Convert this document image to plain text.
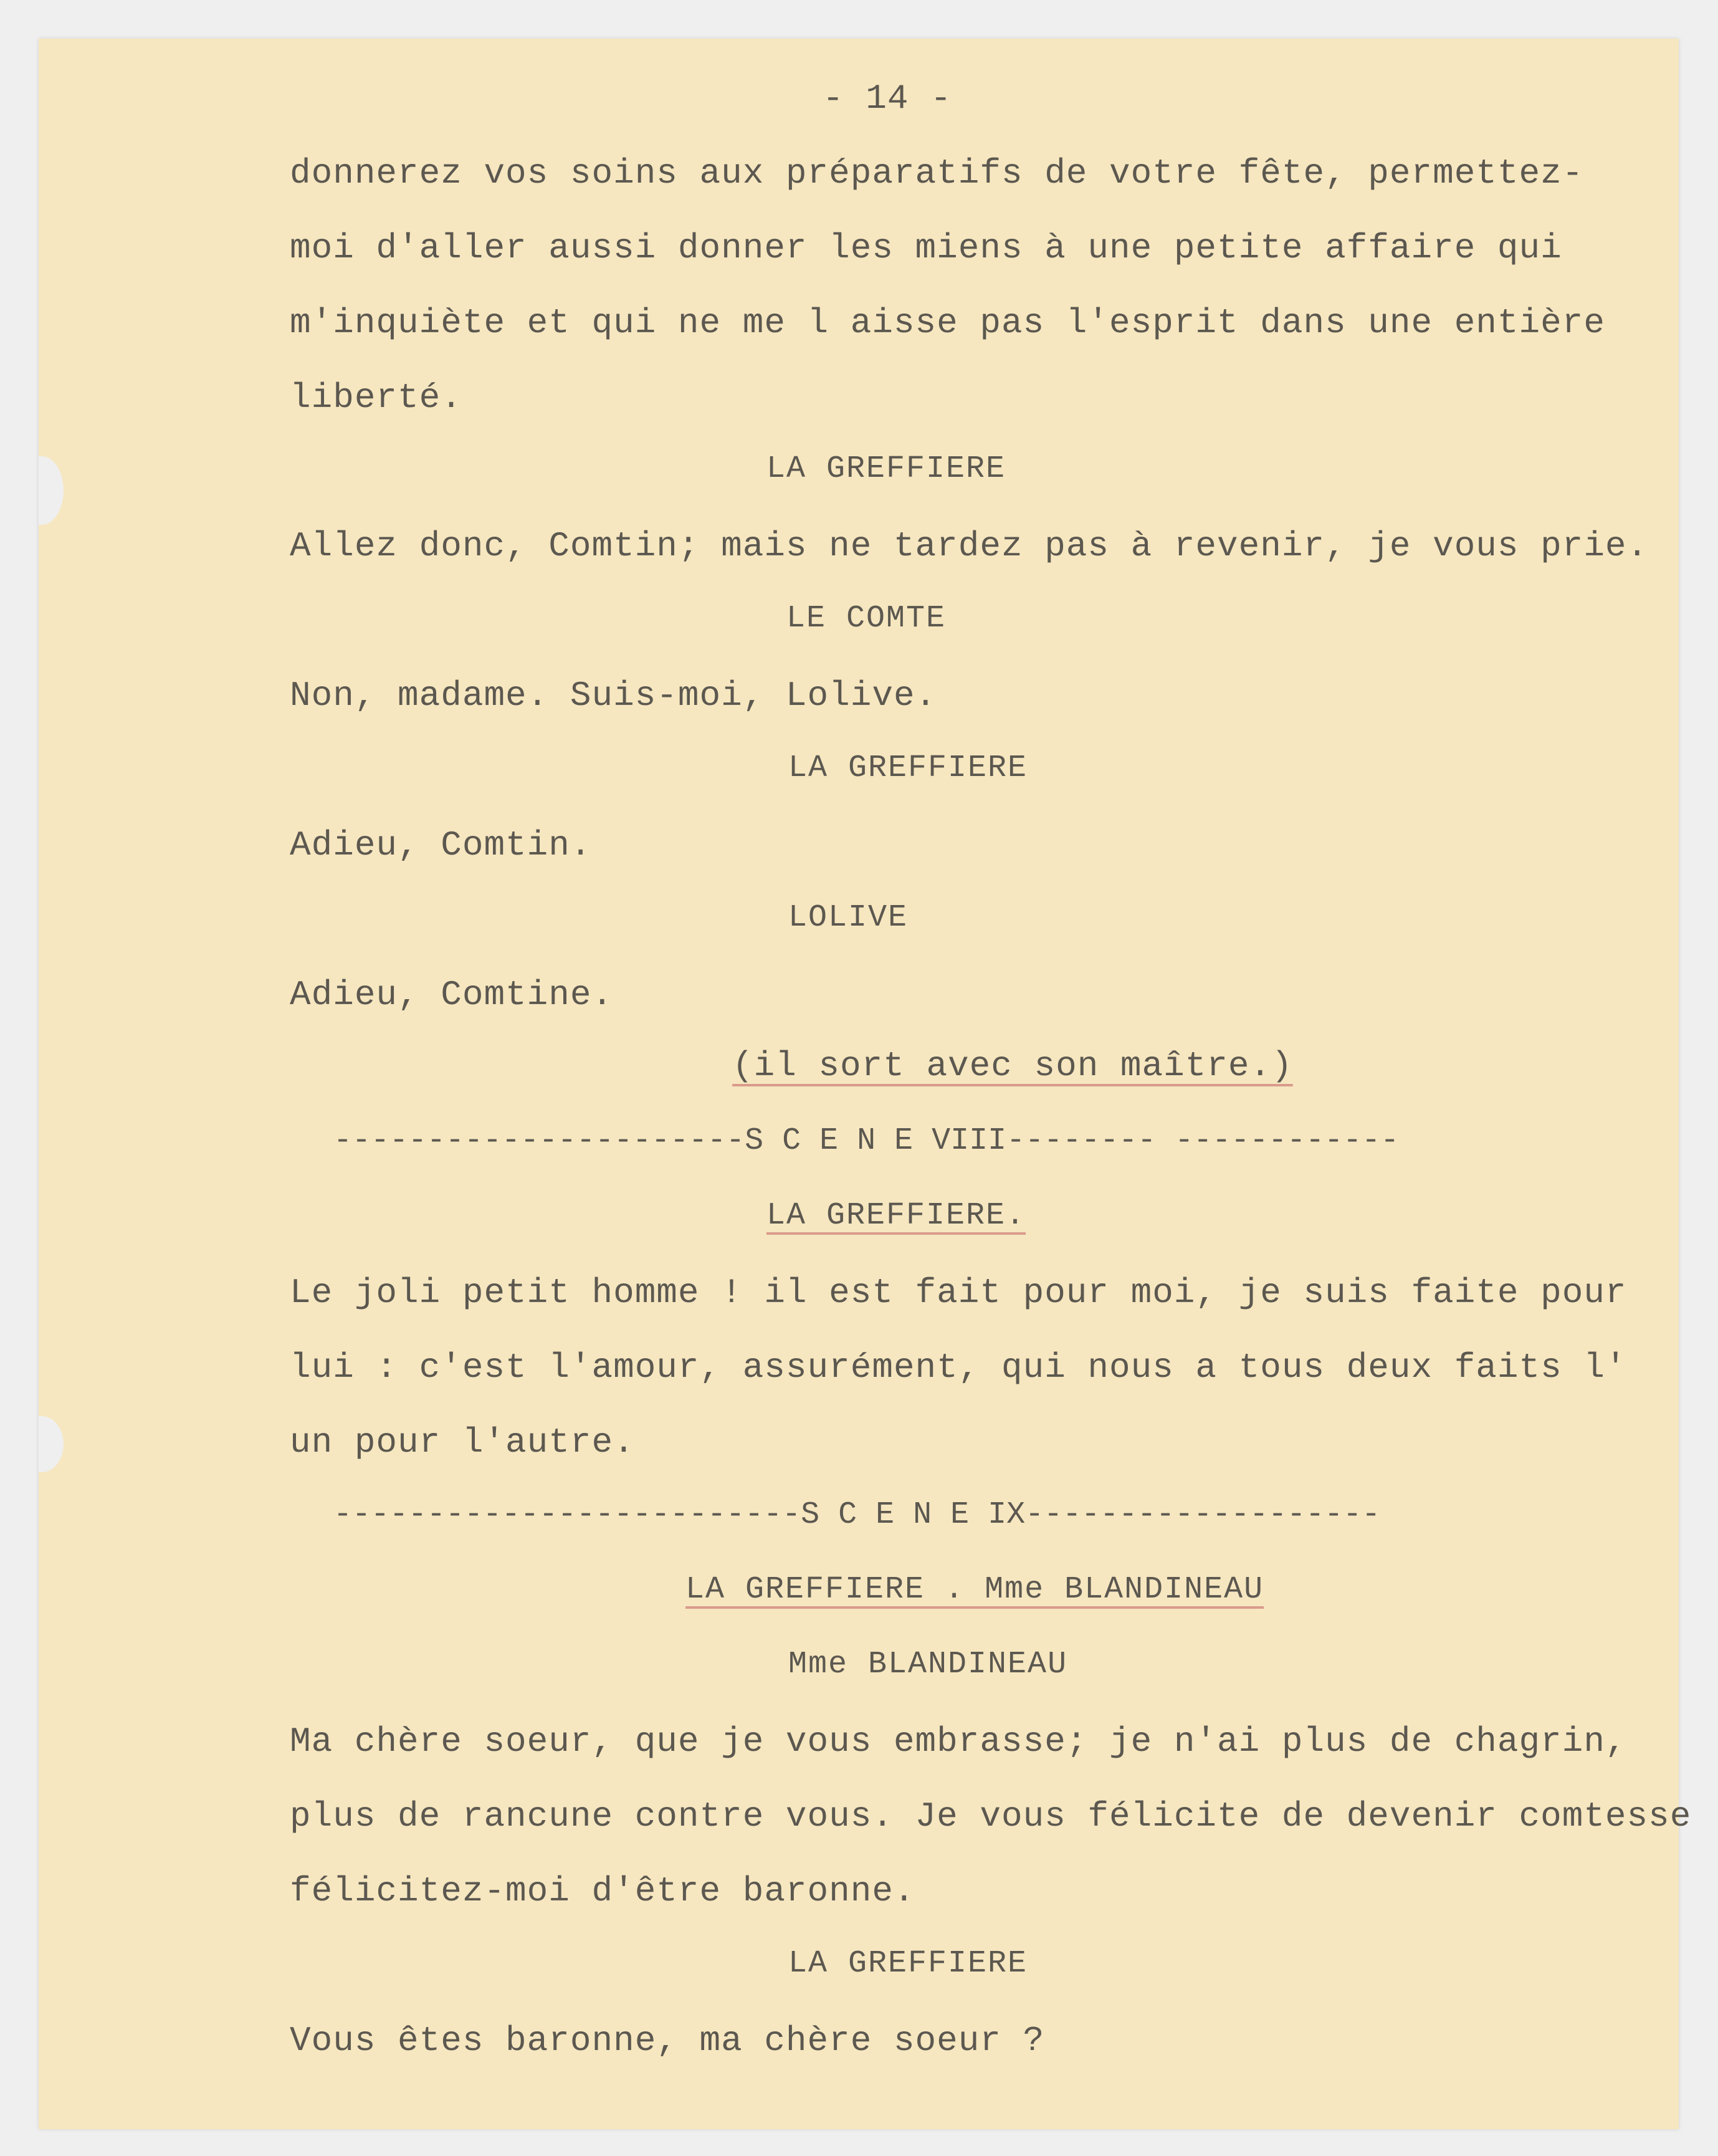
- 14 -
donnerez vos soins aux préparatifs de votre fête, permettez-
moi d'aller aussi donner les miens à une petite affaire qui
m'inquiète et qui ne me l aisse pas l'esprit dans une entière
liberté.
LA GREFFIERE
Allez donc, Comtin; mais ne tardez pas à revenir, je vous prie.
LE COMTE
Non, madame. Suis-moi, Lolive.
LA GREFFIERE
Adieu, Comtin.
LOLIVE
Adieu, Comtine.
(il sort avec son maître.)
----------------------S C E N E VIII-------- ------------
LA GREFFIERE.
Le joli petit homme ! il est fait pour moi, je suis faite pour
lui : c'est l'amour, assurément, qui nous a tous deux faits l'
un pour l'autre.
-------------------------S C E N E IX-------------------
LA GREFFIERE . Mme BLANDINEAU
Mme BLANDINEAU
Ma chère soeur, que je vous embrasse; je n'ai plus de chagrin,
plus de rancune contre vous. Je vous félicite de devenir comtesse
félicitez-moi d'être baronne.
LA GREFFIERE
Vous êtes baronne, ma chère soeur ?
